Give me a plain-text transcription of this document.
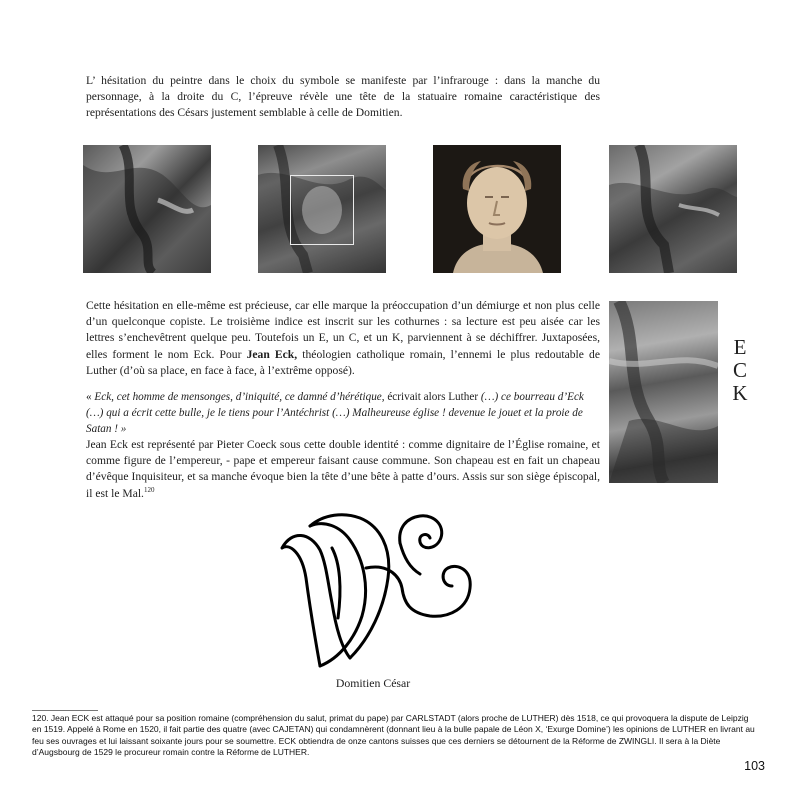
L’ hésitation du peintre dans le choix du symbole se manifeste par l’infrarouge : dans la manche du personnage, à la droite du C, l’épreuve révèle une tête de la statuaire romaine caractéristique des représentations des Césars justement semblable à celle de Domitien.
Cette hésitation en elle-même est précieuse, car elle marque la préoccupation d’un démiurge et non plus celle d’un quelconque copiste. Le troisième indice est inscrit sur les cothurnes : sa lecture est peu aisée car les lettres s’enchevêtrent quelque peu. Toutefois un E, un C, et un K, parviennent à se déchiffrer. Juxtaposées, elles forment le nom Eck. Pour Jean Eck, théologien catholique romain, l’ennemi le plus redoutable de Luther (d’où sa place, en face à face, à l’extrême opposé).
E
C
K
« Eck, cet homme de mensonges, d’iniquité, ce damné d’hérétique, écrivait alors Luther (…) ce bourreau d’Eck (…) qui a écrit cette bulle, je le tiens pour l’Antéchrist (…) Malheureuse église ! devenue le jouet et la proie de Satan ! »
Jean Eck est représenté par Pieter Coeck sous cette double identité : comme dignitaire de l’Église romaine, et comme figure de l’empereur, - pape et empereur faisant cause commune. Son chapeau est en fait un chapeau d’évêque Inquisiteur, et sa manche évoque bien la tête d’une bête à patte d’ours. Assis sur son siège épiscopal, il est le Mal.$^{120}$
Domitien César
120. Jean ECK est attaqué pour sa position romaine (compréhension du salut, primat du pape) par CARLSTADT (alors proche de LUTHER) dès 1518, ce qui provoquera la dispute de Leipzig en 1519. Appelé à Rome en 1520, il fait partie des quatre (avec CAJETAN) qui condamnèrent (donnant lieu à la bulle papale de Léon X, ‘Exurge Domine’) les opinions de LUTHER en livrant au feu ses ouvrages et lui laissant soixante jours pour se soumettre. ECK obtiendra de onze cantons suisses que ces derniers se détournent de la Réforme de ZWINGLI. Il sera à la Diète d’Augsbourg de 1529 le procureur romain contre la Réforme de LUTHER.
103
